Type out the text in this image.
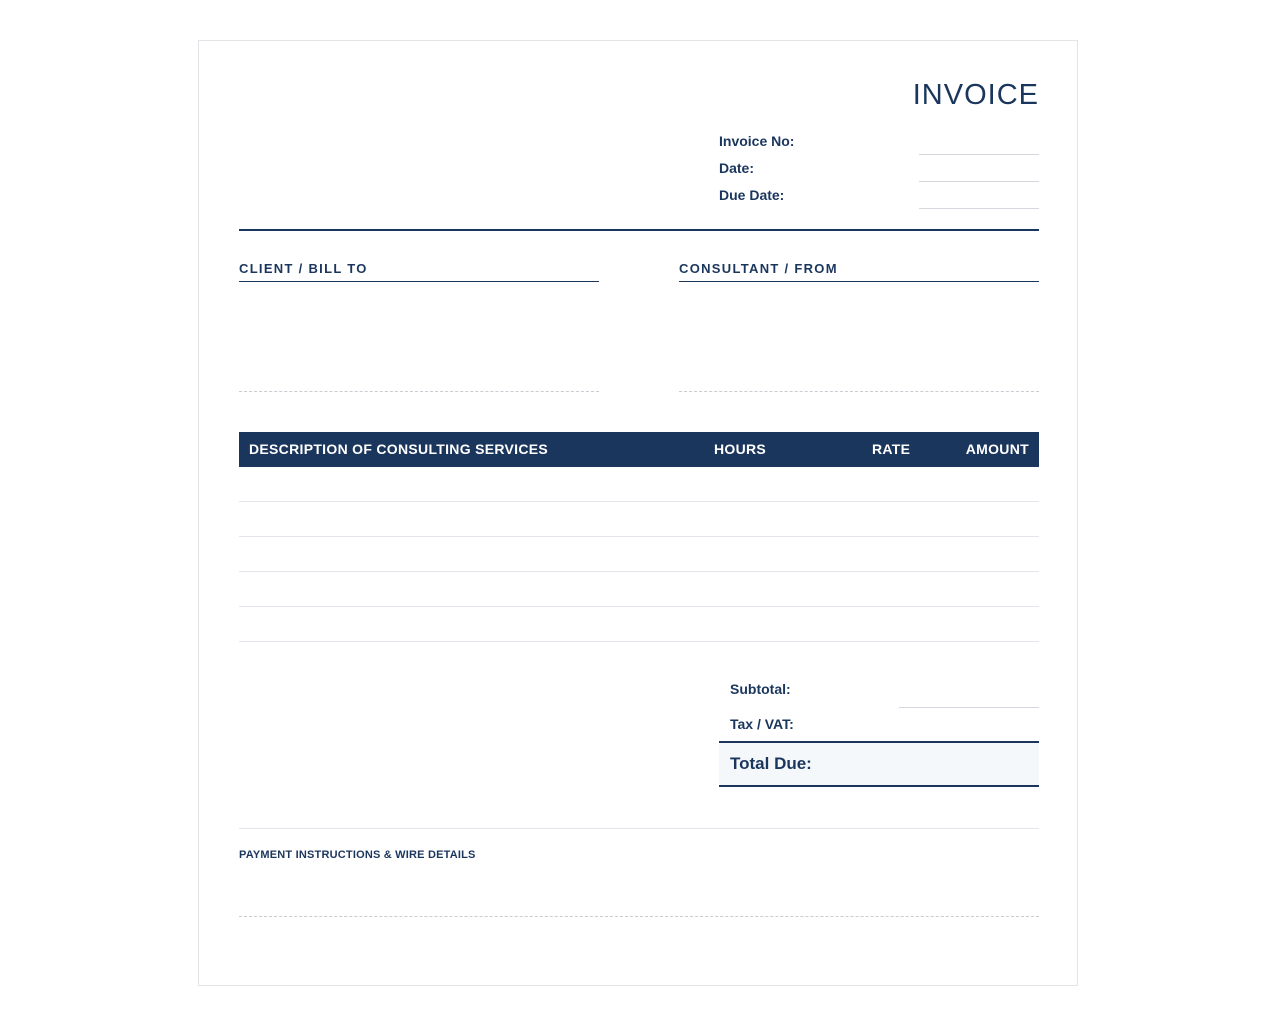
INVOICE
Invoice No:
Date:
Due Date:
CLIENT / BILL TO	CONSULTANT / FROM
DESCRIPTION OF CONSULTING SERVICES	HOURS	RATE	AMOUNT
Subtotal:
Tax / VAT:
Total Due:
PAYMENT INSTRUCTIONS & WIRE DETAILS
